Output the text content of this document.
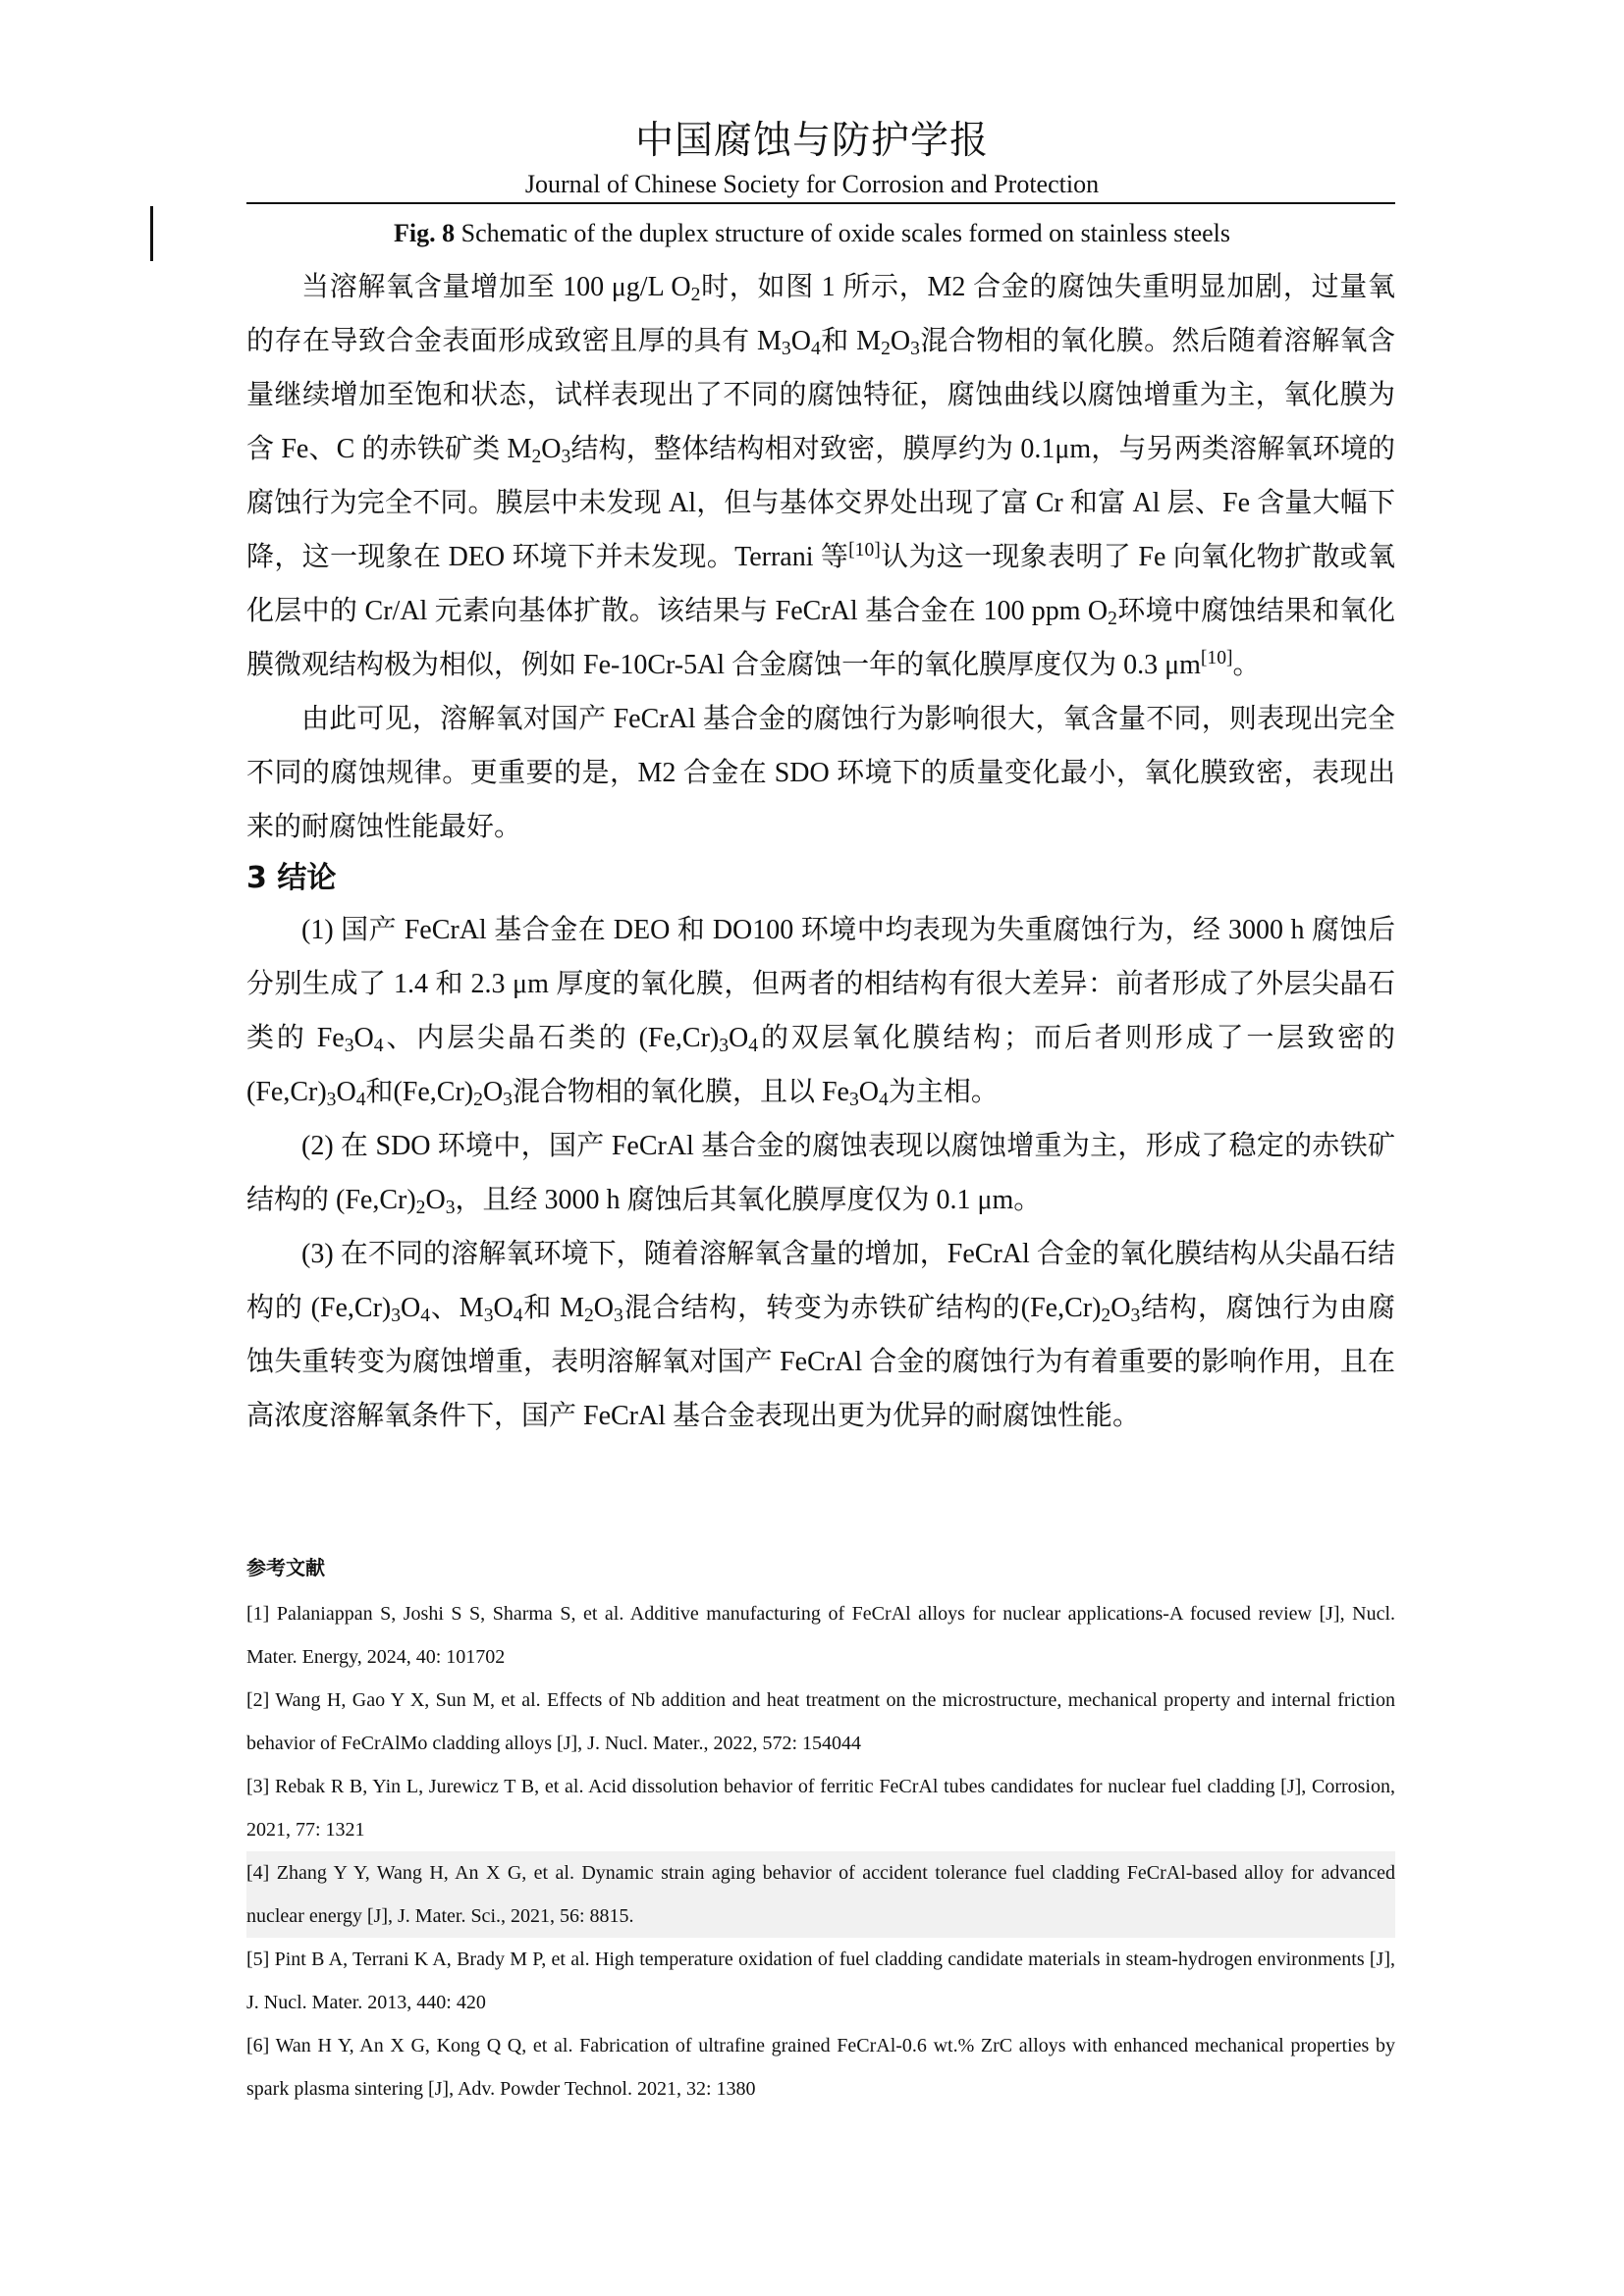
中国腐蚀与防护学报
Journal of Chinese Society for Corrosion and Protection
Fig. 8 Schematic of the duplex structure of oxide scales formed on stainless steels

当溶解氧含量增加至 100 μg/L $O_2$时，如图 1 所示，M2 合金的腐蚀失重明显加剧，过量氧的存在导致合金表面形成致密且厚的具有 $M_3O_4$和 $M_2O_3$混合物相的氧化膜。然后随着溶解氧含量继续增加至饱和状态，试样表现出了不同的腐蚀特征，腐蚀曲线以腐蚀增重为主，氧化膜为含 Fe、C 的赤铁矿类 $M_2O_3$结构，整体结构相对致密，膜厚约为 0.1μm，与另两类溶解氧环境的腐蚀行为完全不同。膜层中未发现 Al，但与基体交界处出现了富 Cr 和富 Al 层、Fe 含量大幅下降，这一现象在 DEO 环境下并未发现。Terrani 等[10]认为这一现象表明了 Fe 向氧化物扩散或氧化层中的 Cr/Al 元素向基体扩散。该结果与 FeCrAl 基合金在 100 ppm $O_2$环境中腐蚀结果和氧化膜微观结构极为相似，例如 Fe-10Cr-5Al 合金腐蚀一年的氧化膜厚度仅为 0.3 μm[10]。

由此可见，溶解氧对国产 FeCrAl 基合金的腐蚀行为影响很大，氧含量不同，则表现出完全不同的腐蚀规律。更重要的是，M2 合金在 SDO 环境下的质量变化最小，氧化膜致密，表现出来的耐腐蚀性能最好。

3 结论

(1) 国产 FeCrAl 基合金在 DEO 和 DO100 环境中均表现为失重腐蚀行为，经 3000 h 腐蚀后分别生成了 1.4 和 2.3 μm 厚度的氧化膜，但两者的相结构有很大差异：前者形成了外层尖晶石类的 $Fe_3O_4$、内层尖晶石类的 $(Fe,Cr)_3O_4$的双层氧化膜结构；而后者则形成了一层致密的$(Fe,Cr)_3O_4$和$(Fe,Cr)_2O_3$混合物相的氧化膜，且以 $Fe_3O_4$为主相。

(2) 在 SDO 环境中，国产 FeCrAl 基合金的腐蚀表现以腐蚀增重为主，形成了稳定的赤铁矿结构的 $(Fe,Cr)_2O_3$，且经 3000 h 腐蚀后其氧化膜厚度仅为 0.1 μm。

(3) 在不同的溶解氧环境下，随着溶解氧含量的增加，FeCrAl 合金的氧化膜结构从尖晶石结构的 $(Fe,Cr)_3O_4$、$M_3O_4$和 $M_2O_3$混合结构，转变为赤铁矿结构的$(Fe,Cr)_2O_3$结构，腐蚀行为由腐蚀失重转变为腐蚀增重，表明溶解氧对国产 FeCrAl 合金的腐蚀行为有着重要的影响作用，且在高浓度溶解氧条件下，国产 FeCrAl 基合金表现出更为优异的耐腐蚀性能。

参考文献

[1] Palaniappan S, Joshi S S, Sharma S, et al. Additive manufacturing of FeCrAl alloys for nuclear applications-A focused review [J], Nucl. Mater. Energy, 2024, 40: 101702

[2] Wang H, Gao Y X, Sun M, et al. Effects of Nb addition and heat treatment on the microstructure, mechanical property and internal friction behavior of FeCrAlMo cladding alloys [J], J. Nucl. Mater., 2022, 572: 154044

[3] Rebak R B, Yin L, Jurewicz T B, et al. Acid dissolution behavior of ferritic FeCrAl tubes candidates for nuclear fuel cladding [J], Corrosion, 2021, 77: 1321

[4] Zhang Y Y, Wang H, An X G, et al. Dynamic strain aging behavior of accident tolerance fuel cladding FeCrAl-based alloy for advanced nuclear energy [J], J. Mater. Sci., 2021, 56: 8815.

[5] Pint B A, Terrani K A, Brady M P, et al. High temperature oxidation of fuel cladding candidate materials in steam-hydrogen environments [J], J. Nucl. Mater. 2013, 440: 420

[6] Wan H Y, An X G, Kong Q Q, et al. Fabrication of ultrafine grained FeCrAl-0.6 wt.% ZrC alloys with enhanced mechanical properties by spark plasma sintering [J], Adv. Powder Technol. 2021, 32: 1380
